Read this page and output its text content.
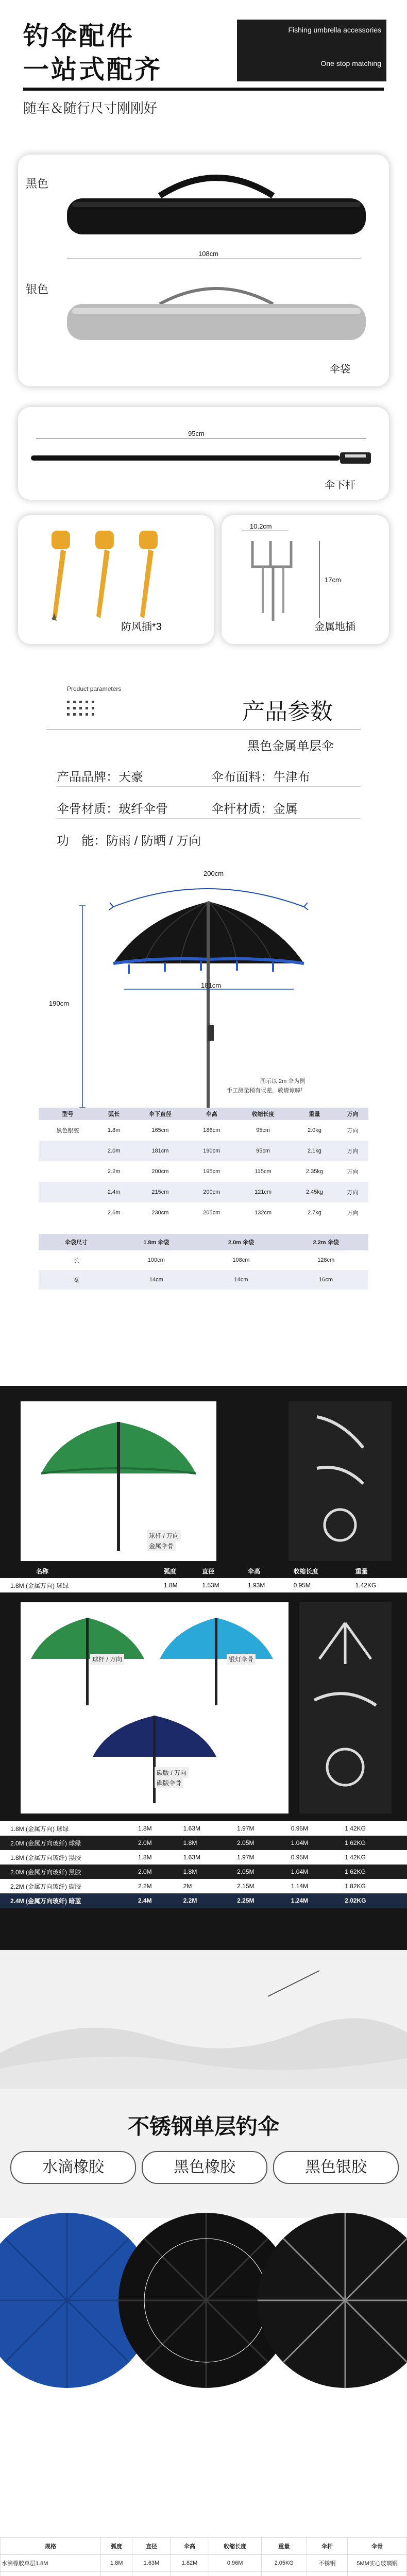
钓伞配件
一站式配齐
Fishing umbrella accessories
One stop matching
随车＆随行尺寸刚刚好
黑色
银色
108cm
伞袋
95cm
伞下杆
防风插*3
10.2cm
17cm
金属地插
Product parameters
产品参数
黑色金属单层伞
产品品牌：天豪	伞布面料：牛津布
伞骨材质：玻纤伞骨	伞杆材质：金属
功　能：防雨 / 防晒 / 万向
200cm
181cm
190cm
图示以 2m 伞为例
手工测量稍有误差，敬请谅解！
型号	弧长	伞下直径	伞高	收缩长度	重量	万向
黑色银胶	1.8m	165cm	186cm	95cm	2.0kg	万向
	2.0m	181cm	190cm	95cm	2.1kg	万向
	2.2m	200cm	195cm	115cm	2.35kg	万向
	2.4m	215cm	200cm	121cm	2.45kg	万向
	2.6m	230cm	205cm	132cm	2.7kg	万向
伞袋尺寸	1.8m 伞袋	2.0m 伞袋	2.2m 伞袋
长	100cm	108cm	128cm
宽	14cm	14cm	16cm
球杆 / 万向
金属伞骨
名称	弧度	直径	伞高	收缩长度	重量
1.8M (金属万向) 球绿	1.8M	1.53M	1.93M	0.95M	1.42KG
球杆 / 万向	银灯伞骨
碳版 / 万向
碳版伞骨
1.8M (金属万向) 球绿	1.8M	1.63M	1.97M	0.95M	1.42KG
2.0M (金属万向玻纤) 球绿	2.0M	1.8M	2.05M	1.04M	1.62KG
1.8M (金属万向玻纤) 黑胶	1.8M	1.63M	1.97M	0.95M	1.42KG
2.0M (金属万向玻纤) 黑胶	2.0M	1.8M	2.05M	1.04M	1.62KG
2.2M (金属万向玻纤) 碳胶	2.2M	2M	2.15M	1.14M	1.82KG
2.4M (金属万向玻纤) 暗蓝	2.4M	2.2M	2.25M	1.24M	2.02KG
不锈钢单层钓伞
水滴橡胶	黑色橡胶	黑色银胶
规格	弧度	直径	伞高	收缩长度	重量	伞杆	伞骨
水滴橡胶单层1.8M	1.8M	1.63M	1.82M	0.96M	2.05KG	不锈钢	5MM实心玻璃钢
